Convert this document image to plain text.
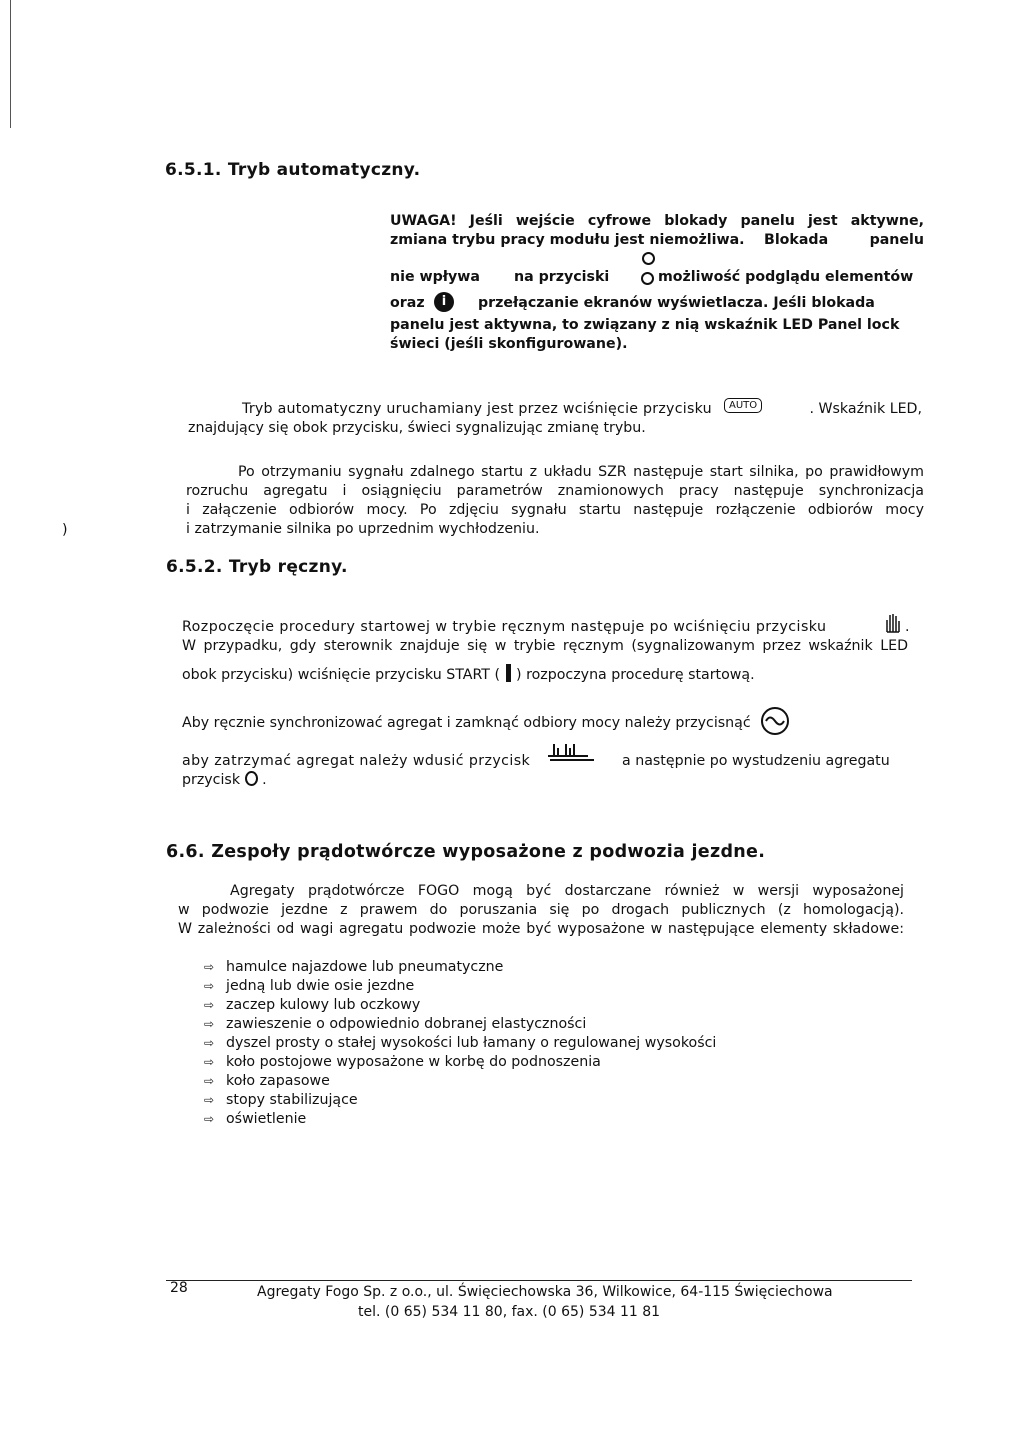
6.5.1. Tryb automatyczny.
UWAGA! Jeśli wejście cyfrowe blokady panelu jest aktywne,
zmiana trybu pracy modułu jest niemożliwa. Blokada	panelu
nie wpływa na przyciski	możliwość podglądu elementów
oraz	i	przełączanie ekranów wyświetlacza. Jeśli blokada
panelu jest aktywna, to związany z nią wskaźnik LED Panel lock
świeci (jeśli skonfigurowane).
Tryb automatyczny uruchamiany jest przez wciśnięcie przycisku	AUTO	. Wskaźnik LED,
znajdujący się obok przycisku, świeci sygnalizując zmianę trybu.
Po otrzymaniu sygnału zdalnego startu z układu SZR następuje start silnika, po prawidłowym
rozruchu agregatu i osiągnięciu parametrów znamionowych pracy następuje synchronizacja
i załączenie odbiorów mocy. Po zdjęciu sygnału startu następuje rozłączenie odbiorów mocy
i zatrzymanie silnika po uprzednim wychłodzeniu.
)
6.5.2. Tryb ręczny.
Rozpoczęcie procedury startowej w trybie ręcznym następuje po wciśnięciu przycisku	.
W przypadku, gdy sterownik znajduje się w trybie ręcznym (sygnalizowanym przez wskaźnik LED
obok przycisku) wciśnięcie przycisku START ( ) rozpoczyna procedurę startową.
Aby ręcznie synchronizować agregat i zamknąć odbiory mocy należy przycisnąć
aby zatrzymać agregat należy wdusić przycisk	a następnie po wystudzeniu agregatu
przycisk .
6.6. Zespoły prądotwórcze wyposażone z podwozia jezdne.
Agregaty prądotwórcze FOGO mogą być dostarczane również w wersji wyposażonej
w podwozie jezdne z prawem do poruszania się po drogach publicznych (z homologacją).
W zależności od wagi agregatu podwozie może być wyposażone w następujące elementy składowe:
⇨ hamulce najazdowe lub pneumatyczne
⇨ jedną lub dwie osie jezdne
⇨ zaczep kulowy lub oczkowy
⇨ zawieszenie o odpowiednio dobranej elastyczności
⇨ dyszel prosty o stałej wysokości lub łamany o regulowanej wysokości
⇨ koło postojowe wyposażone w korbę do podnoszenia
⇨ koło zapasowe
⇨ stopy stabilizujące
⇨ oświetlenie
28	Agregaty Fogo Sp. z o.o., ul. Święciechowska 36, Wilkowice, 64-115 Święciechowa
tel. (0 65) 534 11 80, fax. (0 65) 534 11 81
